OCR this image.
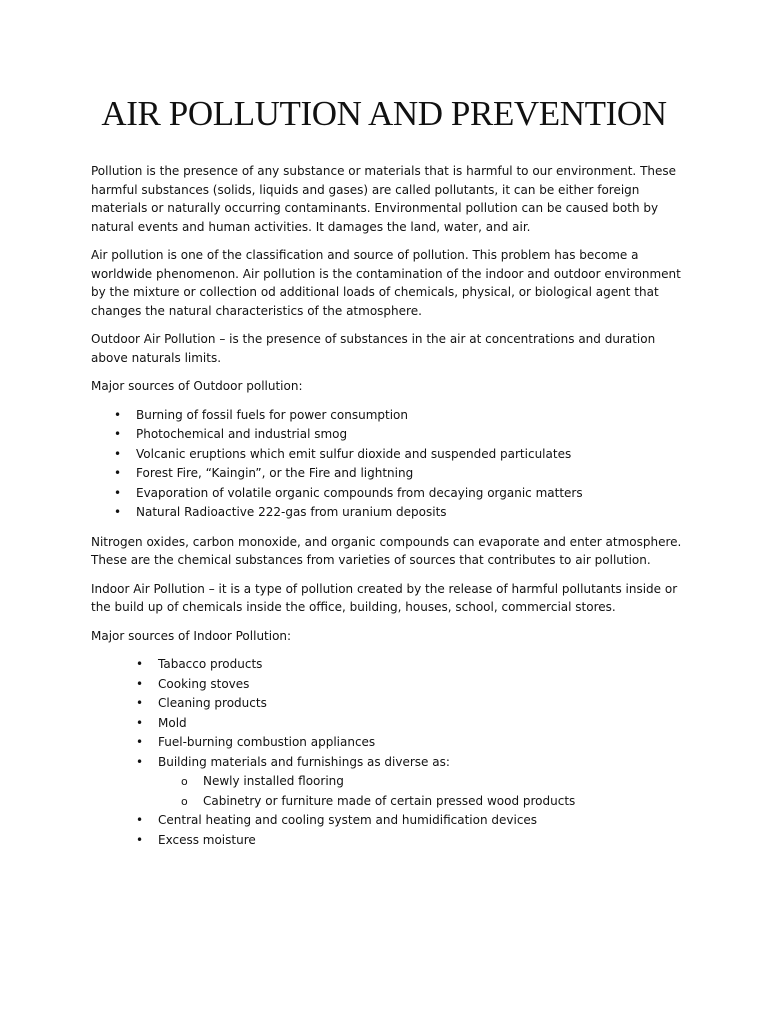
AIR POLLUTION AND PREVENTION

Pollution is the presence of any substance or materials that is harmful to our environment. These harmful substances (solids, liquids and gases) are called pollutants, it can be either foreign materials or naturally occurring contaminants. Environmental pollution can be caused both by natural events and human activities. It damages the land, water, and air.

Air pollution is one of the classification and source of pollution. This problem has become a worldwide phenomenon. Air pollution is the contamination of the indoor and outdoor environment by the mixture or collection od additional loads of chemicals, physical, or biological agent that changes the natural characteristics of the atmosphere.

Outdoor Air Pollution – is the presence of substances in the air at concentrations and duration above naturals limits.

Major sources of Outdoor pollution:

• Burning of fossil fuels for power consumption
• Photochemical and industrial smog
• Volcanic eruptions which emit sulfur dioxide and suspended particulates
• Forest Fire, “Kaingin”, or the Fire and lightning
• Evaporation of volatile organic compounds from decaying organic matters
• Natural Radioactive 222-gas from uranium deposits

Nitrogen oxides, carbon monoxide, and organic compounds can evaporate and enter atmosphere. These are the chemical substances from varieties of sources that contributes to air pollution.

Indoor Air Pollution – it is a type of pollution created by the release of harmful pollutants inside or the build up of chemicals inside the office, building, houses, school, commercial stores.

Major sources of Indoor Pollution:

• Tabacco products
• Cooking stoves
• Cleaning products
• Mold
• Fuel-burning combustion appliances
• Building materials and furnishings as diverse as:
o Newly installed flooring
o Cabinetry or furniture made of certain pressed wood products
• Central heating and cooling system and humidification devices
• Excess moisture
